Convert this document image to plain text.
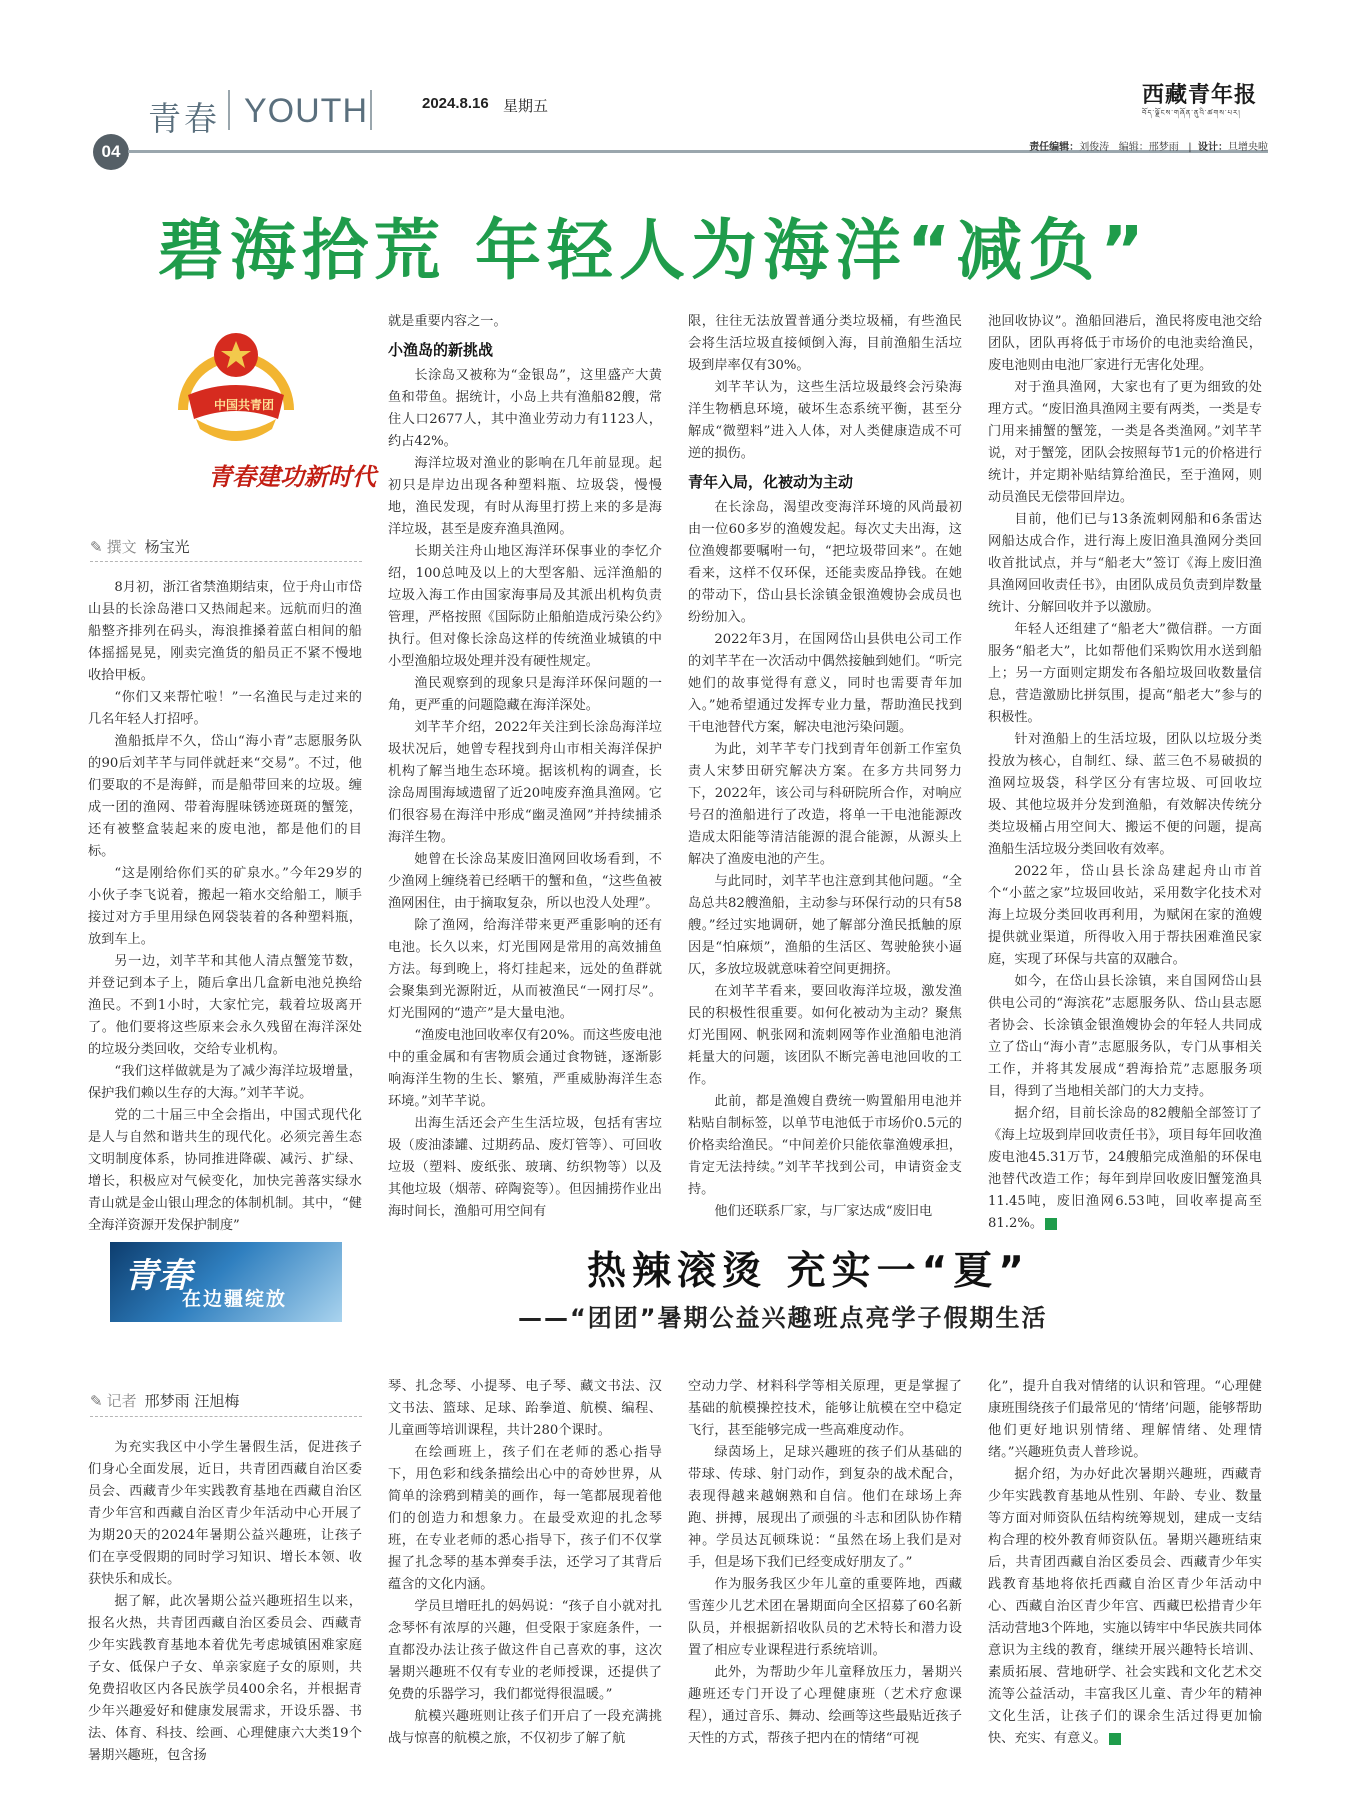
青春 YOUTH	2024.8.16 星期五	西藏青年报
བོད་ལྗོངས་གཞོན་ནུའི་ཚགས་པར།
04	责任编辑：刘俊涛 编辑：邢梦雨   |  设计：旦增央啦
碧海拾荒 年轻人为海洋“减负”
青春建功新时代
中国共青团
✎ 撰文 杨宝光

8月初，浙江省禁渔期结束，位于舟山市岱山县的长涂岛港口又热闹起来。远航而归的渔船整齐排列在码头，海浪推搡着蓝白相间的船体摇摇晃晃，刚卖完渔货的船员正不紧不慢地收拾甲板。

“你们又来帮忙啦！”一名渔民与走过来的几名年轻人打招呼。

渔船抵岸不久，岱山“海小青”志愿服务队的90后刘芊芊与同伴就赶来“交易”。不过，他们要取的不是海鲜，而是船带回来的垃圾。缠成一团的渔网、带着海腥味锈迹斑斑的蟹笼，还有被整盒装起来的废电池，都是他们的目标。

“这是刚给你们买的矿泉水。”今年29岁的小伙子李飞说着，搬起一箱水交给船工，顺手接过对方手里用绿色网袋装着的各种塑料瓶，放到车上。

另一边，刘芊芊和其他人清点蟹笼节数，并登记到本子上，随后拿出几盒新电池兑换给渔民。不到1小时，大家忙完，载着垃圾离开了。他们要将这些原来会永久残留在海洋深处的垃圾分类回收，交给专业机构。

“我们这样做就是为了减少海洋垃圾增量，保护我们赖以生存的大海。”刘芊芊说。

党的二十届三中全会指出，中国式现代化是人与自然和谐共生的现代化。必须完善生态文明制度体系，协同推进降碳、减污、扩绿、增长，积极应对气候变化，加快完善落实绿水青山就是金山银山理念的体制机制。其中，“健全海洋资源开发保护制度”

就是重要内容之一。

小渔岛的新挑战

长涂岛又被称为“金银岛”，这里盛产大黄鱼和带鱼。据统计，小岛上共有渔船82艘，常住人口2677人，其中渔业劳动力有1123人，约占42%。

海洋垃圾对渔业的影响在几年前显现。起初只是岸边出现各种塑料瓶、垃圾袋，慢慢地，渔民发现，有时从海里打捞上来的多是海洋垃圾，甚至是废弃渔具渔网。

长期关注舟山地区海洋环保事业的李忆介绍，100总吨及以上的大型客船、远洋渔船的垃圾入海工作由国家海事局及其派出机构负责管理，严格按照《国际防止船舶造成污染公约》执行。但对像长涂岛这样的传统渔业城镇的中小型渔船垃圾处理并没有硬性规定。

渔民观察到的现象只是海洋环保问题的一角，更严重的问题隐藏在海洋深处。

刘芊芊介绍，2022年关注到长涂岛海洋垃圾状况后，她曾专程找到舟山市相关海洋保护机构了解当地生态环境。据该机构的调查，长涂岛周围海域遗留了近20吨废弃渔具渔网。它们很容易在海洋中形成“幽灵渔网”并持续捕杀海洋生物。

她曾在长涂岛某废旧渔网回收场看到，不少渔网上缠绕着已经晒干的蟹和鱼，“这些鱼被渔网困住，由于摘取复杂，所以也没人处理”。

除了渔网，给海洋带来更严重影响的还有电池。长久以来，灯光围网是常用的高效捕鱼方法。每到晚上，将灯挂起来，远处的鱼群就会聚集到光源附近，从而被渔民“一网打尽”。灯光围网的“遗产”是大量电池。

“渔废电池回收率仅有20%。而这些废电池中的重金属和有害物质会通过食物链，逐渐影响海洋生物的生长、繁殖，严重威胁海洋生态环境。”刘芊芊说。

出海生活还会产生生活垃圾，包括有害垃圾（废油漆罐、过期药品、废灯管等）、可回收垃圾（塑料、废纸张、玻璃、纺织物等）以及其他垃圾（烟蒂、碎陶瓷等）。但因捕捞作业出海时间长，渔船可用空间有

限，往往无法放置普通分类垃圾桶，有些渔民会将生活垃圾直接倾倒入海，目前渔船生活垃圾到岸率仅有30%。

刘芊芊认为，这些生活垃圾最终会污染海洋生物栖息环境，破坏生态系统平衡，甚至分解成“微塑料”进入人体，对人类健康造成不可逆的损伤。

青年入局，化被动为主动

在长涂岛，渴望改变海洋环境的风尚最初由一位60多岁的渔嫂发起。每次丈夫出海，这位渔嫂都要嘱咐一句，“把垃圾带回来”。在她看来，这样不仅环保，还能卖废品挣钱。在她的带动下，岱山县长涂镇金银渔嫂协会成员也纷纷加入。

2022年3月，在国网岱山县供电公司工作的刘芊芊在一次活动中偶然接触到她们。“听完她们的故事觉得有意义，同时也需要青年加入。”她希望通过发挥专业力量，帮助渔民找到干电池替代方案，解决电池污染问题。

为此，刘芊芊专门找到青年创新工作室负责人宋梦田研究解决方案。在多方共同努力下，2022年，该公司与科研院所合作，对响应号召的渔船进行了改造，将单一干电池能源改造成太阳能等清洁能源的混合能源，从源头上解决了渔废电池的产生。

与此同时，刘芊芊也注意到其他问题。“全岛总共82艘渔船，主动参与环保行动的只有58艘。”经过实地调研，她了解部分渔民抵触的原因是“怕麻烦”，渔船的生活区、驾驶舱狭小逼仄，多放垃圾就意味着空间更拥挤。

在刘芊芊看来，要回收海洋垃圾，激发渔民的积极性很重要。如何化被动为主动？聚焦灯光围网、帆张网和流刺网等作业渔船电池消耗量大的问题，该团队不断完善电池回收的工作。

此前，都是渔嫂自费统一购置船用电池并粘贴自制标签，以单节电池低于市场价0.5元的价格卖给渔民。“中间差价只能依靠渔嫂承担，肯定无法持续。”刘芊芊找到公司，申请资金支持。

他们还联系厂家，与厂家达成“废旧电

池回收协议”。渔船回港后，渔民将废电池交给团队，团队再将低于市场价的电池卖给渔民，废电池则由电池厂家进行无害化处理。

对于渔具渔网，大家也有了更为细致的处理方式。“废旧渔具渔网主要有两类，一类是专门用来捕蟹的蟹笼，一类是各类渔网。”刘芊芊说，对于蟹笼，团队会按照每节1元的价格进行统计，并定期补贴结算给渔民，至于渔网，则动员渔民无偿带回岸边。

目前，他们已与13条流刺网船和6条雷达网船达成合作，进行海上废旧渔具渔网分类回收首批试点，并与“船老大”签订《海上废旧渔具渔网回收责任书》，由团队成员负责到岸数量统计、分解回收并予以激励。

年轻人还组建了“船老大”微信群。一方面服务“船老大”，比如帮他们采购饮用水送到船上；另一方面则定期发布各船垃圾回收数量信息，营造激励比拼氛围，提高“船老大”参与的积极性。

针对渔船上的生活垃圾，团队以垃圾分类投放为核心，自制红、绿、蓝三色不易破损的渔网垃圾袋，科学区分有害垃圾、可回收垃圾、其他垃圾并分发到渔船，有效解决传统分类垃圾桶占用空间大、搬运不便的问题，提高渔船生活垃圾分类回收有效率。

2022年，岱山县长涂岛建起舟山市首个“小蓝之家”垃圾回收站，采用数字化技术对海上垃圾分类回收再利用，为赋闲在家的渔嫂提供就业渠道，所得收入用于帮扶困难渔民家庭，实现了环保与共富的双融合。

如今，在岱山县长涂镇，来自国网岱山县供电公司的“海滨花”志愿服务队、岱山县志愿者协会、长涂镇金银渔嫂协会的年轻人共同成立了岱山“海小青”志愿服务队，专门从事相关工作，并将其发展成“碧海拾荒”志愿服务项目，得到了当地相关部门的大力支持。

据介绍，目前长涂岛的82艘船全部签订了《海上垃圾到岸回收责任书》，项目每年回收渔废电池45.31万节，24艘船完成渔船的环保电池替代改造工作；每年到岸回收废旧蟹笼渔具11.45吨，废旧渔网6.53吨，回收率提高至81.2%。	青

青春
在边疆绽放
热辣滚烫 充实一“夏”
——“团团”暑期公益兴趣班点亮学子假期生活
✎ 记者 邢梦雨 汪旭梅

为充实我区中小学生暑假生活，促进孩子们身心全面发展，近日，共青团西藏自治区委员会、西藏青少年实践教育基地在西藏自治区青少年宫和西藏自治区青少年活动中心开展了为期20天的2024年暑期公益兴趣班，让孩子们在享受假期的同时学习知识、增长本领、收获快乐和成长。

据了解，此次暑期公益兴趣班招生以来，报名火热，共青团西藏自治区委员会、西藏青少年实践教育基地本着优先考虑城镇困难家庭子女、低保户子女、单亲家庭子女的原则，共免费招收区内各民族学员400余名，并根据青少年兴趣爱好和健康发展需求，开设乐器、书法、体育、科技、绘画、心理健康六大类19个暑期兴趣班，包含扬

琴、扎念琴、小提琴、电子琴、藏文书法、汉文书法、篮球、足球、跆拳道、航模、编程、儿童画等培训课程，共计280个课时。

在绘画班上，孩子们在老师的悉心指导下，用色彩和线条描绘出心中的奇妙世界，从简单的涂鸦到精美的画作，每一笔都展现着他们的创造力和想象力。在最受欢迎的扎念琴班，在专业老师的悉心指导下，孩子们不仅掌握了扎念琴的基本弹奏手法，还学习了其背后蕴含的文化内涵。

学员旦增旺扎的妈妈说：“孩子自小就对扎念琴怀有浓厚的兴趣，但受限于家庭条件，一直都没办法让孩子做这件自己喜欢的事，这次暑期兴趣班不仅有专业的老师授课，还提供了免费的乐器学习，我们都觉得很温暖。”

航模兴趣班则让孩子们开启了一段充满挑战与惊喜的航模之旅，不仅初步了解了航

空动力学、材料科学等相关原理，更是掌握了基础的航模操控技术，能够让航模在空中稳定飞行，甚至能够完成一些高难度动作。

绿茵场上，足球兴趣班的孩子们从基础的带球、传球、射门动作，到复杂的战术配合，表现得越来越娴熟和自信。他们在球场上奔跑、拼搏，展现出了顽强的斗志和团队协作精神。学员达瓦顿珠说：“虽然在场上我们是对手，但是场下我们已经变成好朋友了。”

作为服务我区少年儿童的重要阵地，西藏雪莲少儿艺术团在暑期面向全区招募了60名新队员，并根据新招收队员的艺术特长和潜力设置了相应专业课程进行系统培训。

此外，为帮助少年儿童释放压力，暑期兴趣班还专门开设了心理健康班（艺术疗愈课程），通过音乐、舞动、绘画等这些最贴近孩子天性的方式，帮孩子把内在的情绪“可视

化”，提升自我对情绪的认识和管理。“心理健康班围绕孩子们最常见的‘情绪’问题，能够帮助他们更好地识别情绪、理解情绪、处理情绪。”兴趣班负责人普珍说。

据介绍，为办好此次暑期兴趣班，西藏青少年实践教育基地从性别、年龄、专业、数量等方面对师资队伍结构统筹规划，建成一支结构合理的校外教育师资队伍。暑期兴趣班结束后，共青团西藏自治区委员会、西藏青少年实践教育基地将依托西藏自治区青少年活动中心、西藏自治区青少年宫、西藏巴松措青少年活动营地3个阵地，实施以铸牢中华民族共同体意识为主线的教育，继续开展兴趣特长培训、素质拓展、营地研学、社会实践和文化艺术交流等公益活动，丰富我区儿童、青少年的精神文化生活，让孩子们的课余生活过得更加愉快、充实、有意义。	青
